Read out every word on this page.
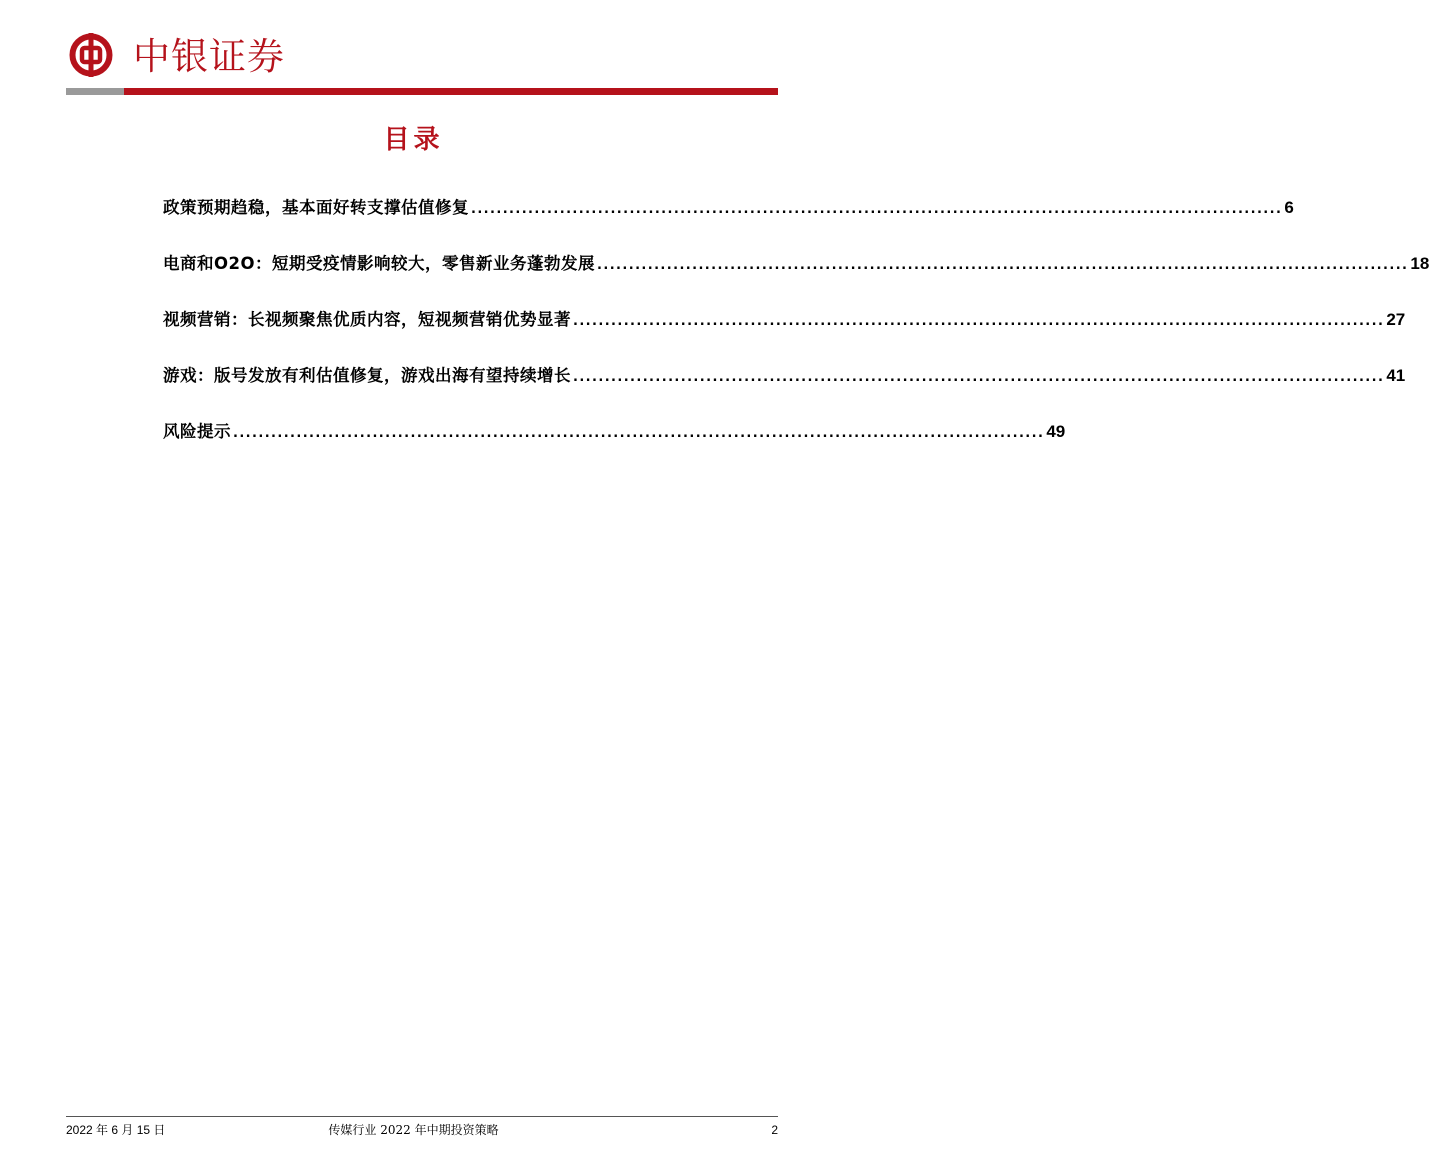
中银证券
目录
政策预期趋稳，基本面好转支撑估值修复 ................................................................................................................................ 6
电商和O2O：短期受疫情影响较大，零售新业务蓬勃发展 ................................................................................................................................ 18
视频营销：长视频聚焦优质内容，短视频营销优势显著 ................................................................................................................................ 27
游戏：版号发放有利估值修复，游戏出海有望持续增长 ................................................................................................................................ 41
风险提示 ................................................................................................................................ 49
2022 年 6 月 15 日	传媒行业 2022 年中期投资策略	2
